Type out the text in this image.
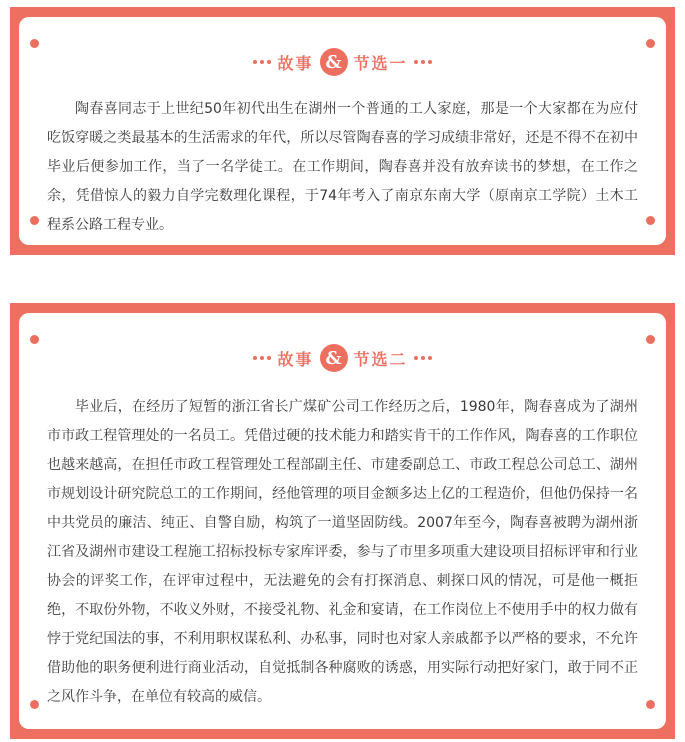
故事 & 节选一

陶春喜同志于上世纪50年初代出生在湖州一个普通的工人家庭，那是一个大家都在为应付吃饭穿暖之类最基本的生活需求的年代，所以尽管陶春喜的学习成绩非常好，还是不得不在初中毕业后便参加工作，当了一名学徒工。在工作期间，陶春喜并没有放弃读书的梦想，在工作之余，凭借惊人的毅力自学完数理化课程，于74年考入了南京东南大学（原南京工学院）土木工程系公路工程专业。

故事 & 节选二

毕业后，在经历了短暂的浙江省长广煤矿公司工作经历之后，1980年，陶春喜成为了湖州市市政工程管理处的一名员工。凭借过硬的技术能力和踏实肯干的工作作风，陶春喜的工作职位也越来越高，在担任市政工程管理处工程部副主任、市建委副总工、市政工程总公司总工、湖州市规划设计研究院总工的工作期间，经他管理的项目金额多达上亿的工程造价，但他仍保持一名中共党员的廉洁、纯正、自警自励，构筑了一道坚固防线。2007年至今，陶春喜被聘为湖州浙江省及湖州市建设工程施工招标投标专家库评委，参与了市里多项重大建设项目招标评审和行业协会的评奖工作，在评审过程中，无法避免的会有打探消息、刺探口风的情况，可是他一概拒绝，不取份外物，不收义外财，不接受礼物、礼金和宴请，在工作岗位上不使用手中的权力做有悖于党纪国法的事，不利用职权谋私利、办私事，同时也对家人亲戚都予以严格的要求，不允许借助他的职务便利进行商业活动，自觉抵制各种腐败的诱惑，用实际行动把好家门，敢于同不正之风作斗争，在单位有较高的威信。
